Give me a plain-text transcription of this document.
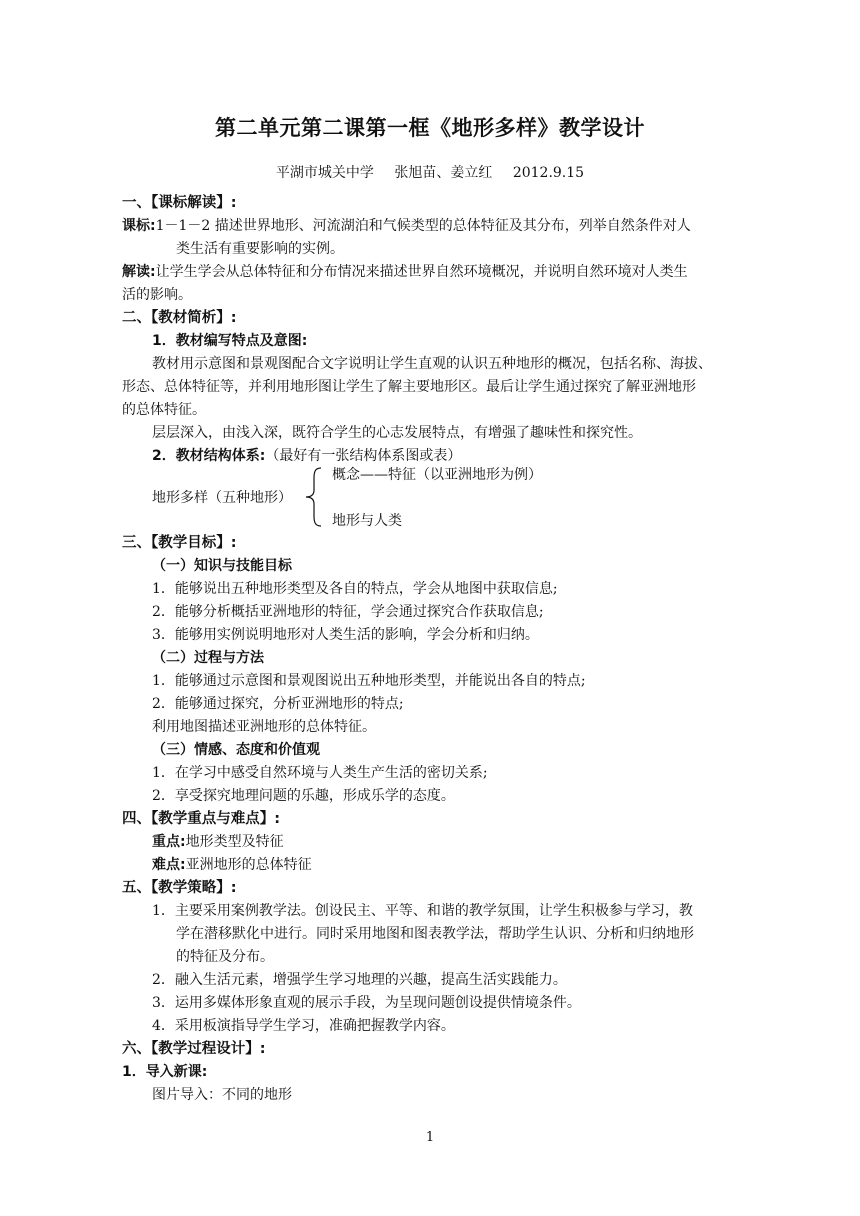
第二单元第二课第一框《地形多样》教学设计
平湖市城关中学 张旭苗、姜立红 2012.9.15
一、【课标解读】:
课标:1－1－2 描述世界地形、河流湖泊和气候类型的总体特征及其分布，列举自然条件对人
类生活有重要影响的实例。
解读:让学生学会从总体特征和分布情况来描述世界自然环境概况，并说明自然环境对人类生
活的影响。
二、【教材简析】:
1．教材编写特点及意图:
教材用示意图和景观图配合文字说明让学生直观的认识五种地形的概况，包括名称、海拔、
形态、总体特征等，并利用地形图让学生了解主要地形区。最后让学生通过探究了解亚洲地形
的总体特征。
层层深入，由浅入深，既符合学生的心志发展特点，有增强了趣味性和探究性。
2．教材结构体系:（最好有一张结构体系图或表）
地形多样（五种地形）
概念——特征（以亚洲地形为例）
地形与人类
三、【教学目标】:
（一）知识与技能目标
1．能够说出五种地形类型及各自的特点，学会从地图中获取信息;
2．能够分析概括亚洲地形的特征，学会通过探究合作获取信息;
3．能够用实例说明地形对人类生活的影响，学会分析和归纳。
（二）过程与方法
1．能够通过示意图和景观图说出五种地形类型，并能说出各自的特点;
2．能够通过探究，分析亚洲地形的特点;
利用地图描述亚洲地形的总体特征。
（三）情感、态度和价值观
1．在学习中感受自然环境与人类生产生活的密切关系;
2．享受探究地理问题的乐趣，形成乐学的态度。
四、【教学重点与难点】:
重点:地形类型及特征
难点:亚洲地形的总体特征
五、【教学策略】:
1．主要采用案例教学法。创设民主、平等、和谐的教学氛围，让学生积极参与学习，教
学在潜移默化中进行。同时采用地图和图表教学法，帮助学生认识、分析和归纳地形
的特征及分布。
2．融入生活元素，增强学生学习地理的兴趣，提高生活实践能力。
3．运用多媒体形象直观的展示手段，为呈现问题创设提供情境条件。
4．采用板演指导学生学习，准确把握教学内容。
六、【教学过程设计】:
1．导入新课:
图片导入：不同的地形
1
